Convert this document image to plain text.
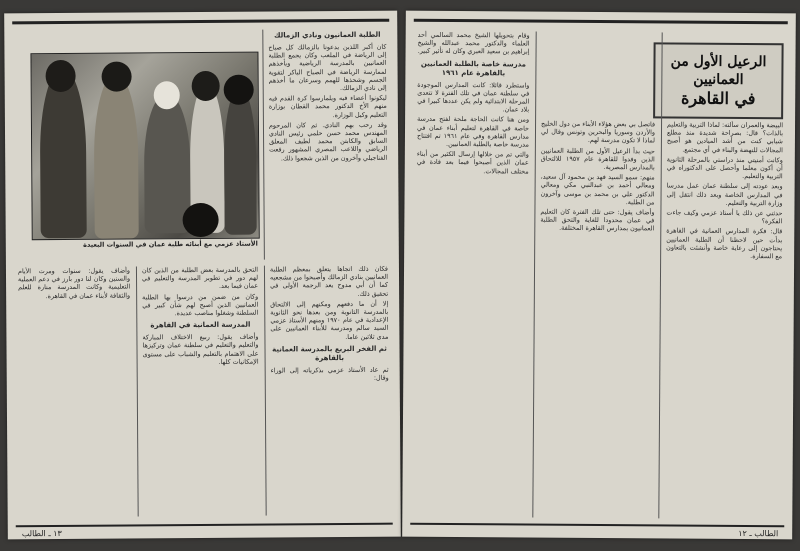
الأستاذ عزمي مع أبنائه طلبة عمان في السنوات البعيدة
الطلبة العمانيون ونادي الزمالك

كان أكبر اللذين يدعونا بالزمالك كل صباح إلى الرياضة في الملعب وكان يجمع الطلبة العمانيين بالمدرسة الرياضية ويأخذهم لممارسة الرياضة في الصباح الباكر لتقوية الجسم وشحذها للهمم وسرعان ما أخذهم إلى نادي الزمالك.

ليكونوا أعضاء فيه ويلمارسوا كرة القدم فيه منهم الأخ الدكتور محمد القطان بوزارة التعليم وكيل الوزارة.

وقد رحب بهم النادي. ثم كان المرحوم المهندس محمد حسن حلمي رئيس النادي السابق والكابتن محمد لطيف المعلق الرياضي واللاعب المصري المشهور رفعت الفناجيلي وآخرون من الذين شجعوا ذلك.

فكان ذلك اتجاها يتعلق بمعظم الطلبة العمانيين بنادي الزمالك وأصبحوا من مشجعيه كما أن أبي مدوح يعد الرجمة الأولى في تحقيق ذلك.

إلا أن ما دفعهم ومكنهم إلى الالتحاق بالمدرسة الثانوية ومن بعدها نحو الثانوية الإعدادية في عام ١٩٧٠ ومنهم الأستاذ عزمي السيد سالم ومدرسة للأبناء العمانيين على مدى ثلاثين عاما.

ثم الفخر البريع بالمدرسة العمانية بالقاهرة

ثم عاد الأستاذ عزمي بذكرياته إلى الوراء وقال:

التحق بالمدرسة بعض الطلبة من الذين كان لهم دور في تطوير المدرسة والتعليم في عمان فيما بعد.

وكان من ضمن من درسوا بها الطلبة العمانيين الذين أصبح لهم شأن كبير في السلطنة وشغلوا مناصب عديدة.

المدرسة العمانية في القاهرة

وأضاف يقول: ربيع الاختلاف المباركة والتعليم والتعليم في سلطنة عمان وتركيزها على الاهتمام بالتعليم والشباب على مستوى الإمكانيات كلها.

وأضاف يقول: سنوات ومرت الأيام والسنين وكان لنا دور بارز في دعم العملية التعليمية وكانت المدرسة منارة للعلم والثقافة لأبناء عمان في القاهرة.

١٣ ـ الطالب
الرعيل الأول من العمانيين
في القاهرة

البيضة والعمران سألته: لماذا التربية والتعليم بالذات؟ قال: بصراحة شديدة منذ مطلع شبابي كنت من أشد الميادين هو أصبح المجالات للنهضة والبناء في أي مجتمع.

وكانت أمنيتي منذ دراستي بالمرحلة الثانوية أن أكون معلما وأحصل على الدكتوراه في التربية والتعليم.

وبعد عودته إلى سلطنة عمان عمل مدرسا في المدارس الخاصة وبعد ذلك انتقل إلى وزارة التربية والتعليم.

حدثني عن ذلك يا أستاذ عزمي وكيف جاءت الفكرة؟

قال: فكرة المدارس العمانية في القاهرة بدأت حين لاحظنا أن الطلبة العمانيين يحتاجون إلى رعاية خاصة وأنشئت بالتعاون مع السفارة.

فاتصل بي بعض هؤلاء الأبناء من دول الخليج والأردن وسوريا والبحرين وتونس وقال لي لماذا لا تكون مدرسة لهم.

حيث بدأ الرعيل الأول من الطلبة العمانيين الذين وفدوا للقاهرة عام ١٩٥٧ للالتحاق بالمدارس المصرية.

منهم: سمو السيد فهد بن محمود آل سعيد، ومعالي أحمد بن عبدالنبي مكي ومعالي الدكتور علي بن محمد بن موسى وآخرون من الطلبة.

وأضاف يقول: حتى تلك الفترة كان التعليم في عمان محدودا للغاية والتحق الطلبة العمانيون بمدارس القاهرة المختلفة.

وقام بتحويلها الشيخ محمد السالمي أحد العلماء والدكتور محمد عبدالله والشيخ إبراهيم بن سعيد العبري وكان له تأثير كبير.

مدرسة خاصة بالطلبة العمانيين بالقاهرة عام ١٩٦١

واستطرد قائلا: كانت المدارس الموجودة في سلطنة عمان في تلك الفترة لا تتعدى المرحلة الابتدائية ولم يكن عددها كبيرا في بلاد عمان.

ومن هنا كانت الحاجة ملحة لفتح مدرسة خاصة في القاهرة لتعليم أبناء عمان في مدارس القاهرة وفي عام ١٩٦١ تم افتتاح مدرسة خاصة بالطلبة العمانيين.

والتي تم من خلالها إرسال الكثير من أبناء عمان الذين أصبحوا فيما بعد قادة في مختلف المجالات.

الطالب ـ ١٢
